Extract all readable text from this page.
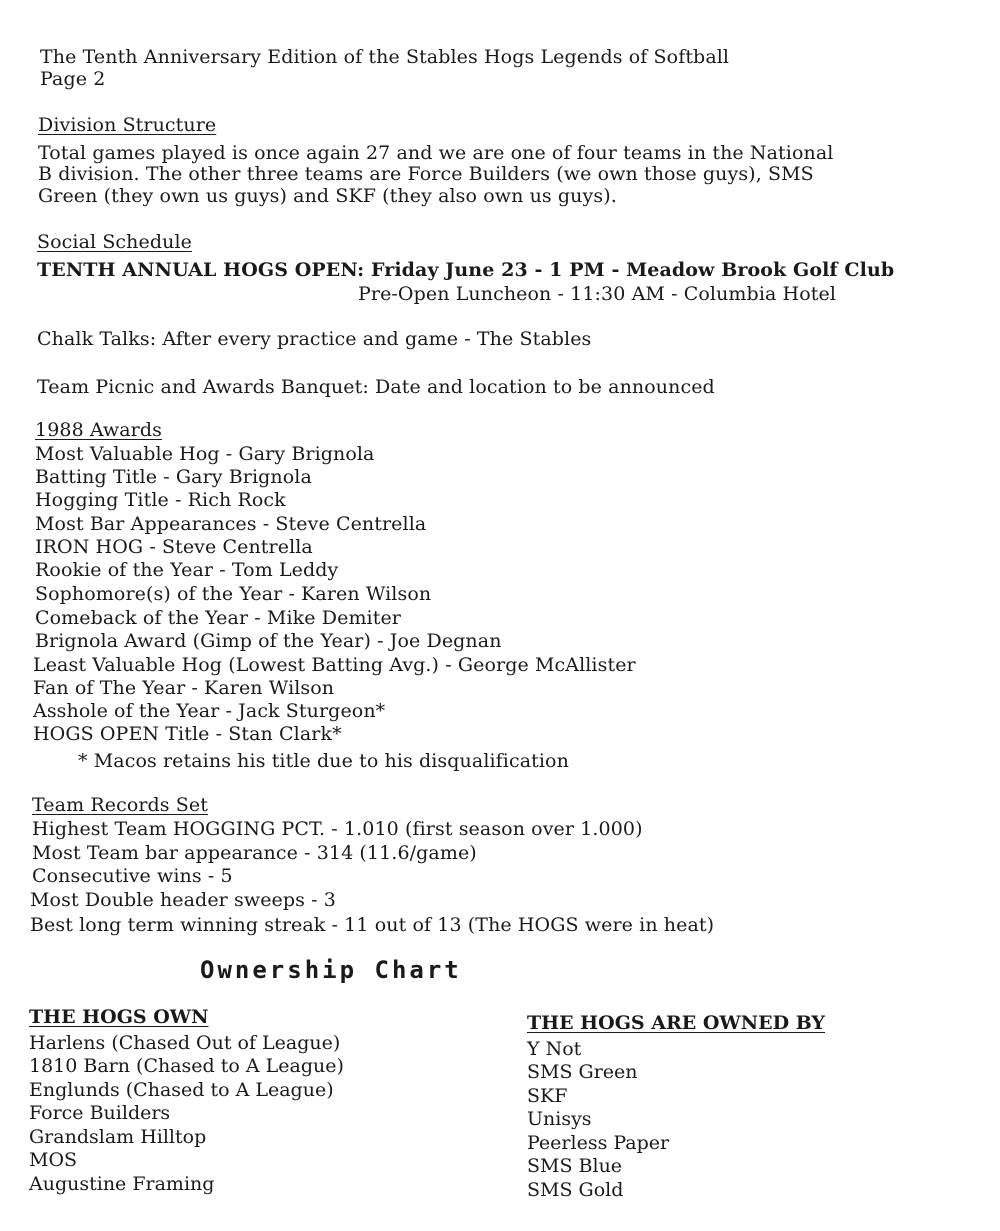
The Tenth Anniversary Edition of the Stables Hogs Legends of Softball
Page 2
Division Structure
Total games played is once again 27 and we are one of four teams in the National
B division. The other three teams are Force Builders (we own those guys), SMS
Green (they own us guys) and SKF (they also own us guys).
Social Schedule
TENTH ANNUAL HOGS OPEN: Friday June 23 - 1 PM - Meadow Brook Golf Club
Pre-Open Luncheon - 11:30 AM - Columbia Hotel
Chalk Talks: After every practice and game - The Stables
Team Picnic and Awards Banquet: Date and location to be announced
1988 Awards
Most Valuable Hog - Gary Brignola
Batting Title - Gary Brignola
Hogging Title - Rich Rock
Most Bar Appearances - Steve Centrella
IRON HOG - Steve Centrella
Rookie of the Year - Tom Leddy
Sophomore(s) of the Year - Karen Wilson
Comeback of the Year - Mike Demiter
Brignola Award (Gimp of the Year) - Joe Degnan
Least Valuable Hog (Lowest Batting Avg.) - George McAllister
Fan of The Year - Karen Wilson
Asshole of the Year - Jack Sturgeon*
HOGS OPEN Title - Stan Clark*
* Macos retains his title due to his disqualification
Team Records Set
Highest Team HOGGING PCT. - 1.010 (first season over 1.000)
Most Team bar appearance - 314 (11.6/game)
Consecutive wins - 5
Most Double header sweeps - 3
Best long term winning streak - 11 out of 13 (The HOGS were in heat)
Ownership Chart
THE HOGS OWN
Harlens (Chased Out of League)
1810 Barn (Chased to A League)
Englunds (Chased to A League)
Force Builders
Grandslam Hilltop
MOS
Augustine Framing
THE HOGS ARE OWNED BY
Y Not
SMS Green
SKF
Unisys
Peerless Paper
SMS Blue
SMS Gold
